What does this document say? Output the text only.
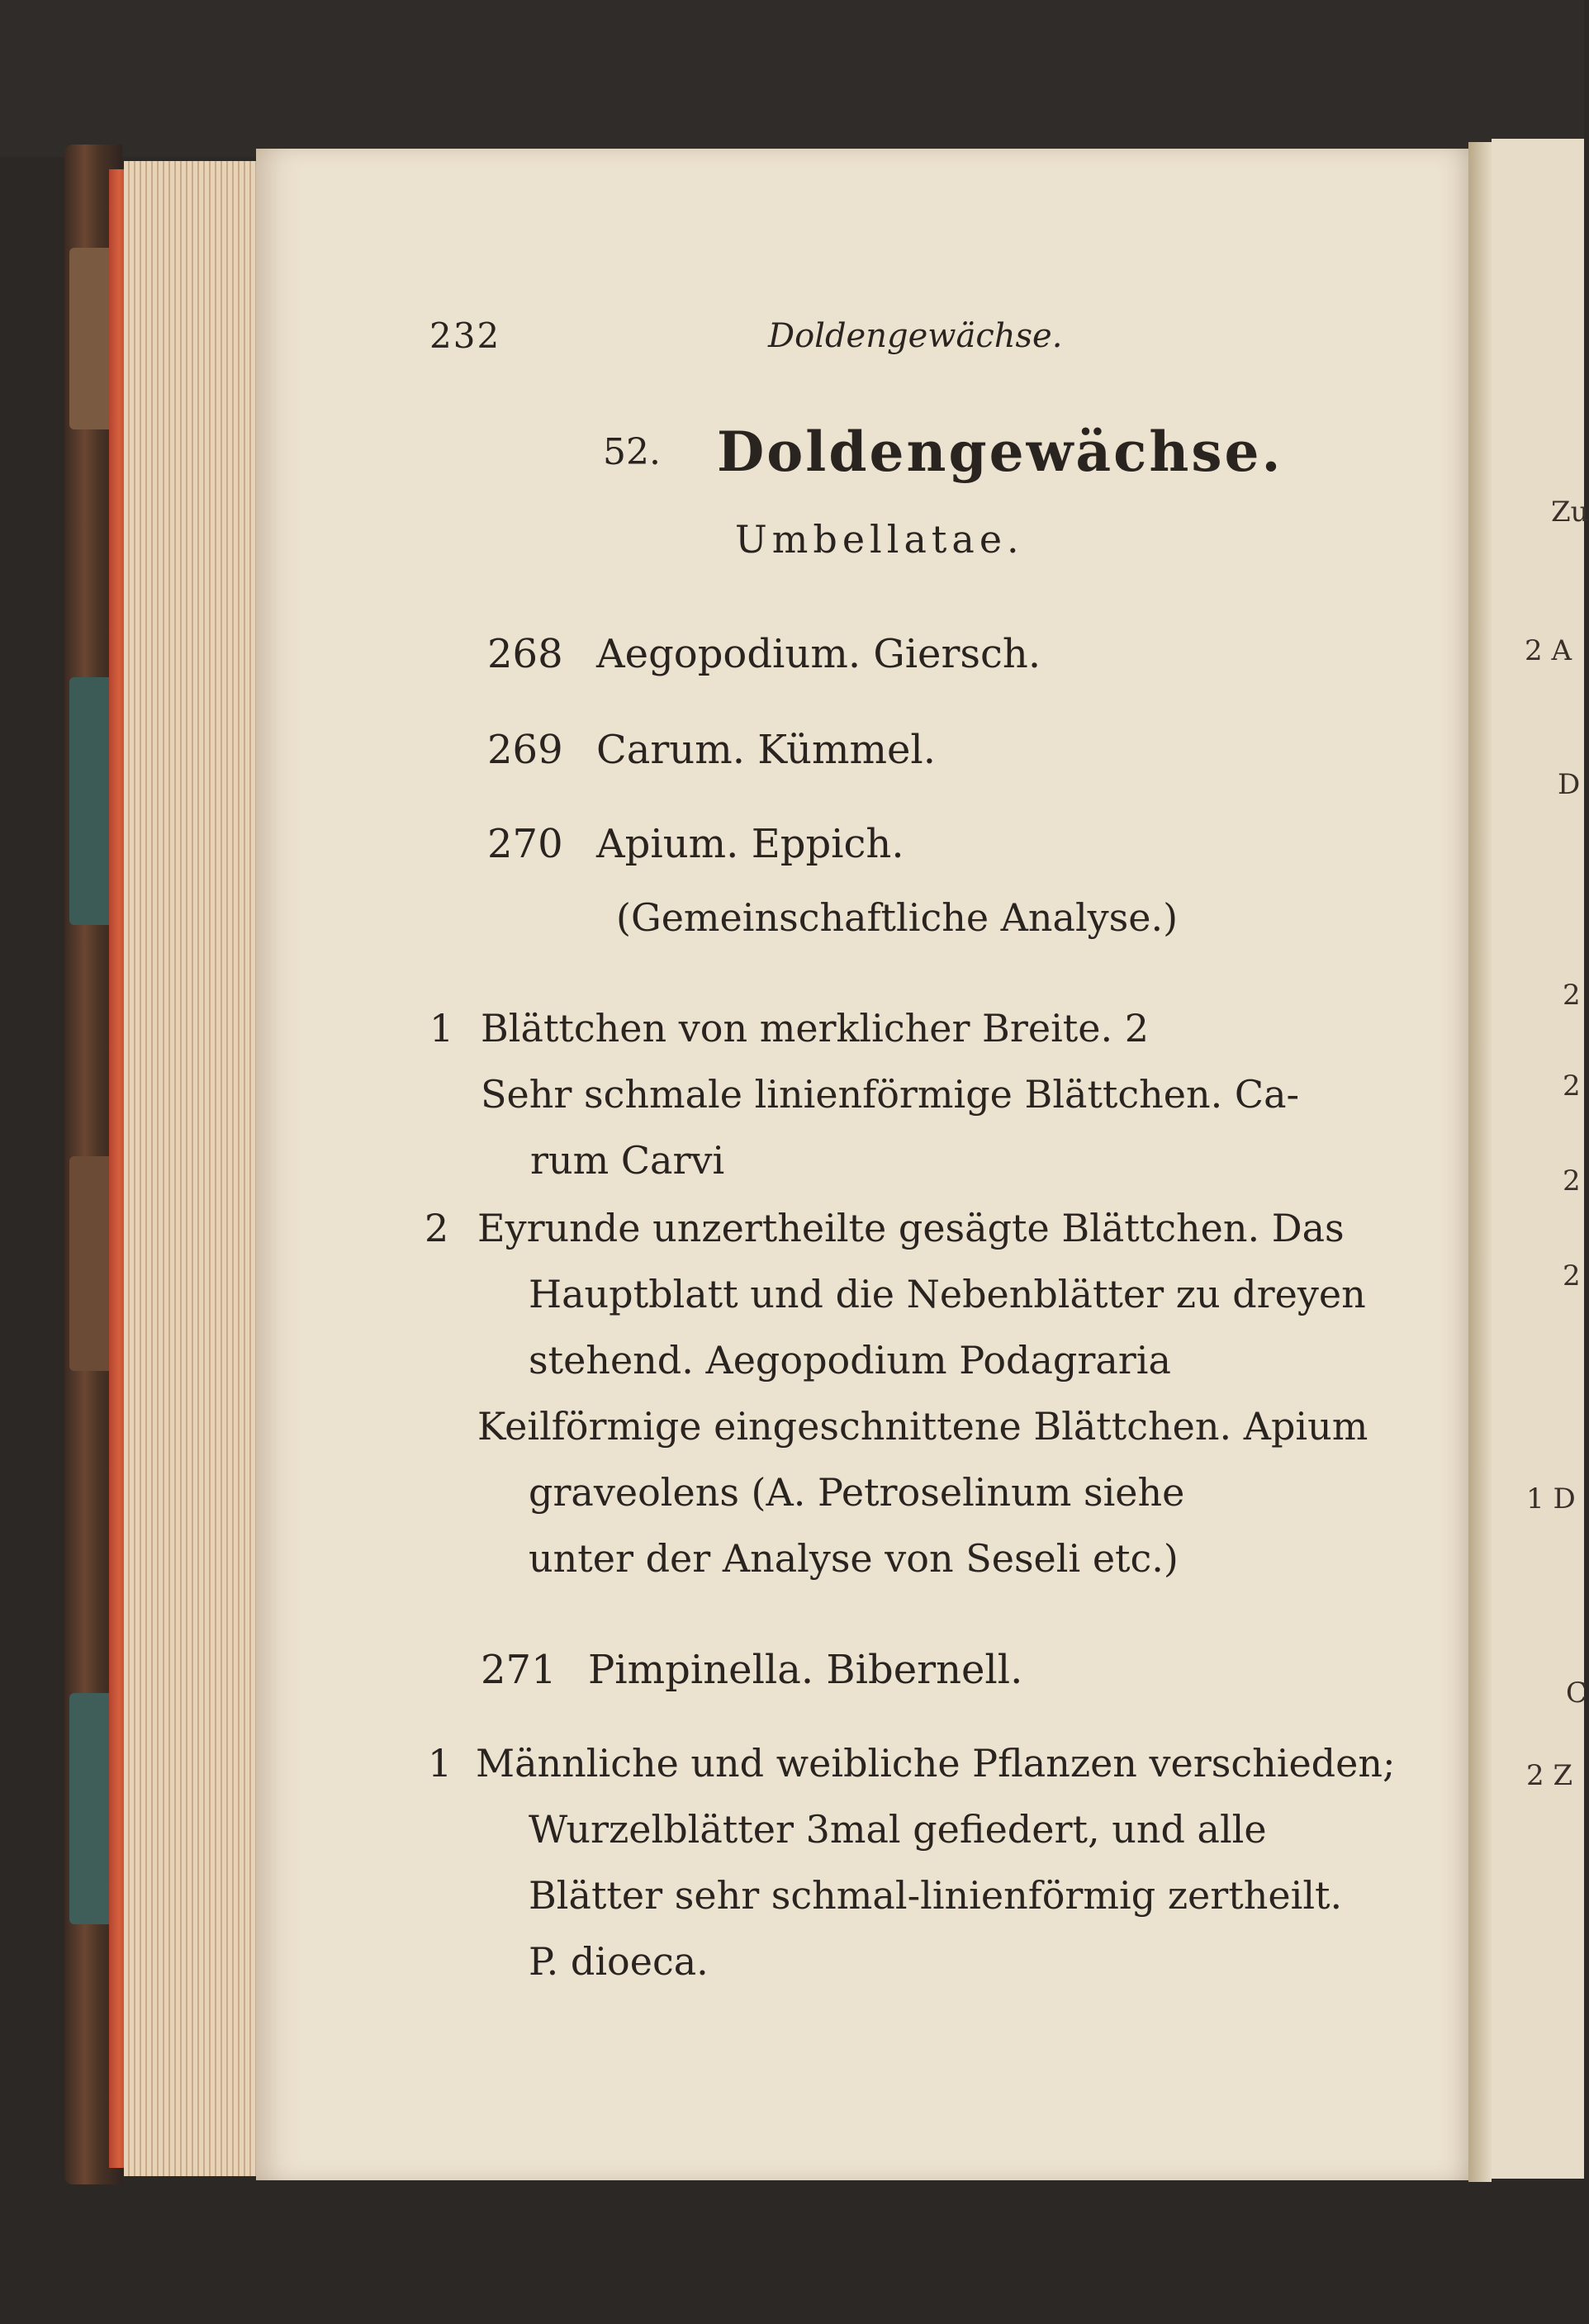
Zu
2 A
D
2
2
2
2
1 D
C
2 Z
232	Doldengewächse.
52. Doldengewächse.
Umbellatae.
268 Aegopodium. Giersch.
269 Carum. Kümmel.
270 Apium. Eppich.
(Gemeinschaftliche Analyse.)
1 Blättchen von merklicher Breite. 2
Sehr schmale linienförmige Blättchen. Ca-
rum Carvi
2 Eyrunde unzertheilte gesägte Blättchen. Das
Hauptblatt und die Nebenblätter zu dreyen
stehend. Aegopodium Podagraria
Keilförmige eingeschnittene Blättchen. Apium
graveolens (A. Petroselinum siehe
unter der Analyse von Seseli etc.)
271 Pimpinella. Bibernell.
1 Männliche und weibliche Pflanzen verschieden;
Wurzelblätter 3mal gefiedert, und alle
Blätter sehr schmal-linienförmig zertheilt.
P. dioeca.
